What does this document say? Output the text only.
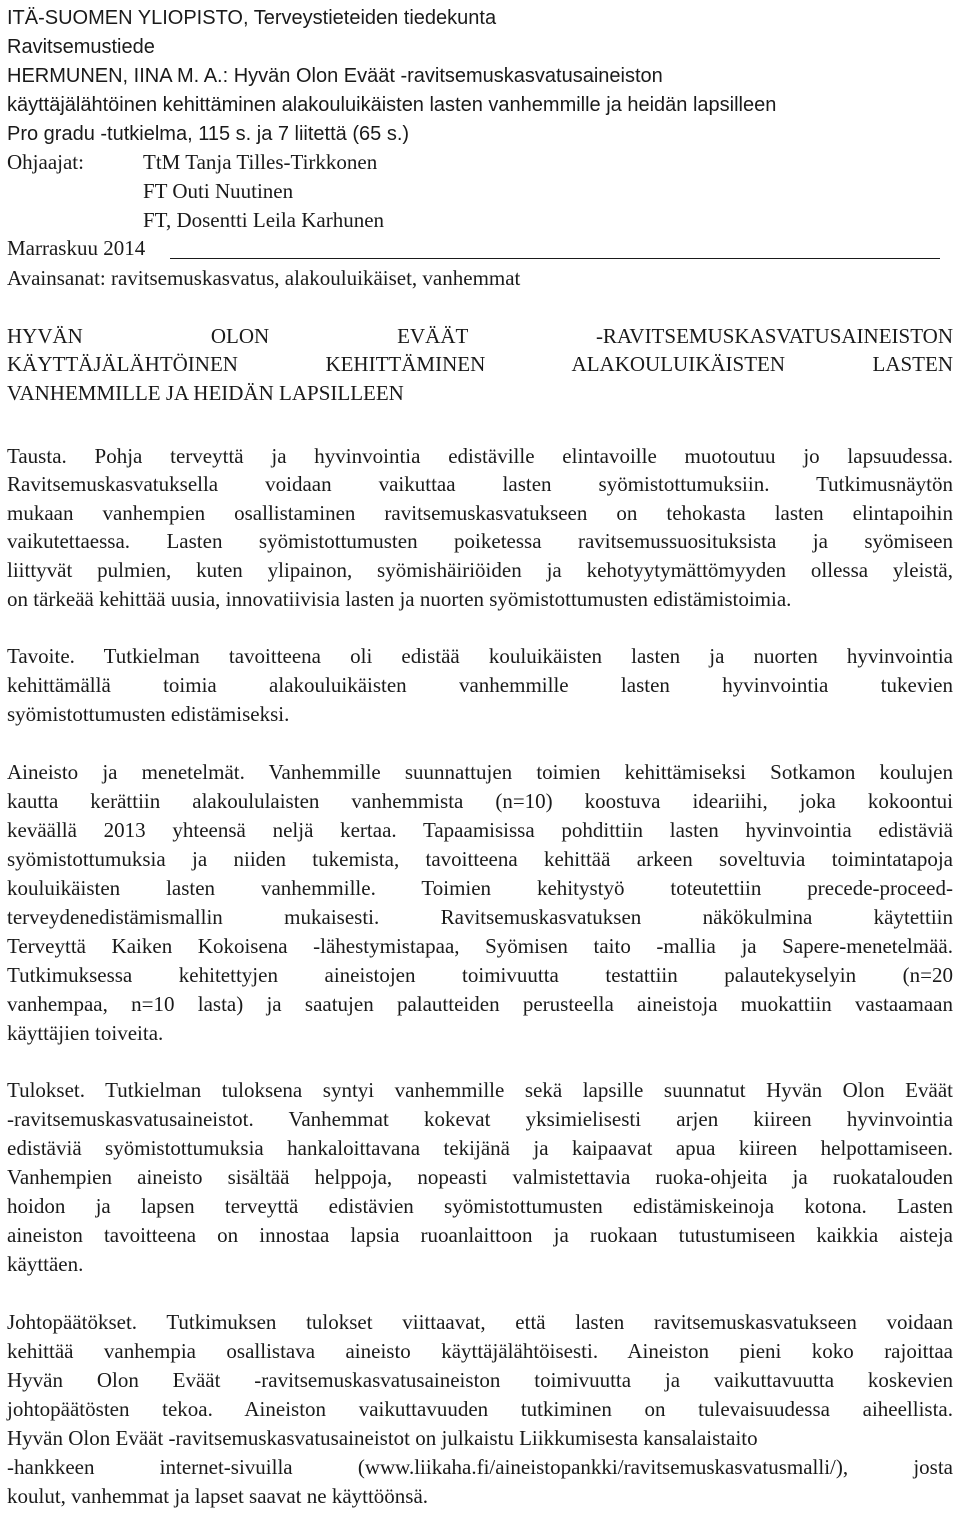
ITÄ-SUOMEN YLIOPISTO, Terveystieteiden tiedekunta
Ravitsemustiede
HERMUNEN, IINA M. A.: Hyvän Olon Eväät -ravitsemuskasvatusaineiston
käyttäjälähtöinen kehittäminen alakouluikäisten lasten vanhemmille ja heidän lapsilleen
Pro gradu -tutkielma, 115 s. ja 7 liitettä (65 s.)
Ohjaajat:	TtM Tanja Tilles-Tirkkonen
FT Outi Nuutinen
FT, Dosentti Leila Karhunen
Marraskuu 2014
Avainsanat: ravitsemuskasvatus, alakouluikäiset, vanhemmat
HYVÄN OLON EVÄÄT -RAVITSEMUSKASVATUSAINEISTON
KÄYTTÄJÄLÄHTÖINEN KEHITTÄMINEN ALAKOULUIKÄISTEN LASTEN
VANHEMMILLE JA HEIDÄN LAPSILLEEN
Tausta. Pohja terveyttä ja hyvinvointia edistäville elintavoille muotoutuu jo lapsuudessa.
Ravitsemuskasvatuksella voidaan vaikuttaa lasten syömistottumuksiin. Tutkimusnäytön
mukaan vanhempien osallistaminen ravitsemuskasvatukseen on tehokasta lasten elintapoihin
vaikutettaessa. Lasten syömistottumusten poiketessa ravitsemussuosituksista ja syömiseen
liittyvät pulmien, kuten ylipainon, syömishäiriöiden ja kehotyytymättömyyden ollessa yleistä,
on tärkeää kehittää uusia, innovatiivisia lasten ja nuorten syömistottumusten edistämistoimia.
Tavoite. Tutkielman tavoitteena oli edistää kouluikäisten lasten ja nuorten hyvinvointia
kehittämällä toimia alakouluikäisten vanhemmille lasten hyvinvointia tukevien
syömistottumusten edistämiseksi.
Aineisto ja menetelmät. Vanhemmille suunnattujen toimien kehittämiseksi Sotkamon koulujen
kautta kerättiin alakoululaisten vanhemmista (n=10) koostuva ideariihi, joka kokoontui
keväällä 2013 yhteensä neljä kertaa. Tapaamisissa pohdittiin lasten hyvinvointia edistäviä
syömistottumuksia ja niiden tukemista, tavoitteena kehittää arkeen soveltuvia toimintatapoja
kouluikäisten lasten vanhemmille. Toimien kehitystyö toteutettiin precede-proceed-
terveydenedistämismallin mukaisesti. Ravitsemuskasvatuksen näkökulmina käytettiin
Terveyttä Kaiken Kokoisena -lähestymistapaa, Syömisen taito -mallia ja Sapere-menetelmää.
Tutkimuksessa kehitettyjen aineistojen toimivuutta testattiin palautekyselyin (n=20
vanhempaa, n=10 lasta) ja saatujen palautteiden perusteella aineistoja muokattiin vastaamaan
käyttäjien toiveita.
Tulokset. Tutkielman tuloksena syntyi vanhemmille sekä lapsille suunnatut Hyvän Olon Eväät
-ravitsemuskasvatusaineistot. Vanhemmat kokevat yksimielisesti arjen kiireen hyvinvointia
edistäviä syömistottumuksia hankaloittavana tekijänä ja kaipaavat apua kiireen helpottamiseen.
Vanhempien aineisto sisältää helppoja, nopeasti valmistettavia ruoka-ohjeita ja ruokatalouden
hoidon ja lapsen terveyttä edistävien syömistottumusten edistämiskeinoja kotona. Lasten
aineiston tavoitteena on innostaa lapsia ruoanlaittoon ja ruokaan tutustumiseen kaikkia aisteja
käyttäen.
Johtopäätökset. Tutkimuksen tulokset viittaavat, että lasten ravitsemuskasvatukseen voidaan
kehittää vanhempia osallistava aineisto käyttäjälähtöisesti. Aineiston pieni koko rajoittaa
Hyvän Olon Eväät -ravitsemuskasvatusaineiston toimivuutta ja vaikuttavuutta koskevien
johtopäätösten tekoa. Aineiston vaikuttavuuden tutkiminen on tulevaisuudessa aiheellista.
Hyvän Olon Eväät -ravitsemuskasvatusaineistot on julkaistu Liikkumisesta kansalaistaito
-hankkeen internet-sivuilla (www.liikaha.fi/aineistopankki/ravitsemuskasvatusmalli/), josta
koulut, vanhemmat ja lapset saavat ne käyttöönsä.
